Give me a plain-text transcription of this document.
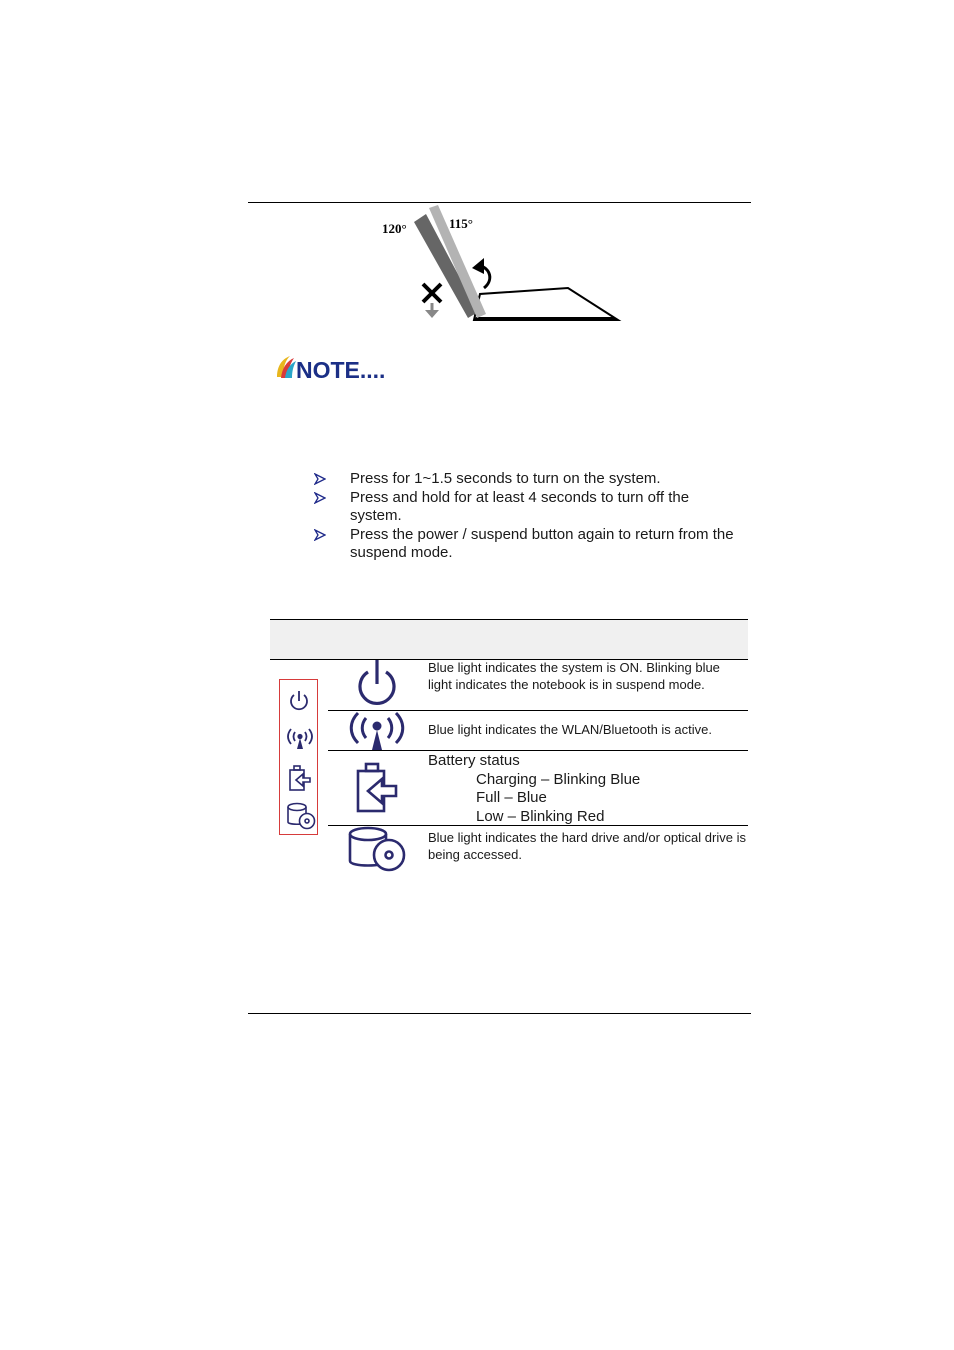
120°	115°
NOTE....
Press for 1~1.5 seconds to turn on the system.
Press and hold for at least 4 seconds to turn off the system.
Press the power / suspend button again to return from the suspend mode.
Blue light indicates the system is ON. Blinking blue light indicates the notebook is in suspend mode.
Blue light indicates the WLAN/Bluetooth is active.
Battery status
Charging – Blinking Blue
Full – Blue
Low – Blinking Red
Blue light indicates the hard drive and/or optical drive is being accessed.
